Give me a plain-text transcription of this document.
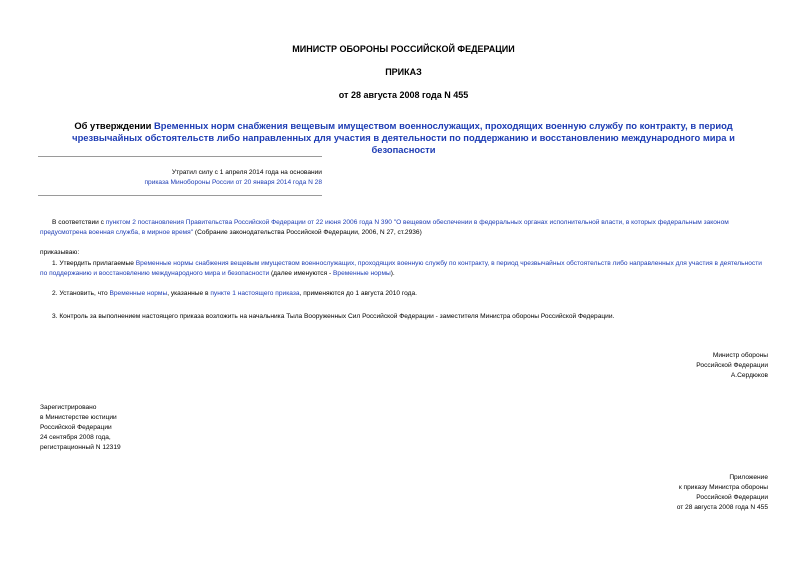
МИНИСТР ОБОРОНЫ РОССИЙСКОЙ ФЕДЕРАЦИИ
ПРИКАЗ
от 28 августа 2008 года N 455
Об утверждении Временных норм снабжения вещевым имуществом военнослужащих, проходящих военную службу по контракту, в период чрезвычайных обстоятельств либо направленных для участия в деятельности по поддержанию и восстановлению международного мира и безопасности
Утратил силу с 1 апреля 2014 года на основании
приказа Минобороны России от 20 января 2014 года N 28
В соответствии с пунктом 2 постановления Правительства Российской Федерации от 22 июня 2006 года N 390 "О вещевом обеспечении в федеральных органах исполнительной власти, в которых федеральным законом предусмотрена военная служба, в мирное время" (Собрание законодательства Российской Федерации, 2006, N 27, ст.2936)
приказываю:
1. Утвердить прилагаемые Временные нормы снабжения вещевым имуществом военнослужащих, проходящих военную службу по контракту, в период чрезвычайных обстоятельств либо направленных для участия в деятельности по поддержанию и восстановлению международного мира и безопасности (далее именуются - Временные нормы).
2. Установить, что Временные нормы, указанные в пункте 1 настоящего приказа, применяются до 1 августа 2010 года.
3. Контроль за выполнением настоящего приказа возложить на начальника Тыла Вооруженных Сил Российской Федерации - заместителя Министра обороны Российской Федерации.
Министр обороны
Российской Федерации
А.Сердюков
Зарегистрировано
в Министерстве юстиции
Российской Федерации
24 сентября 2008 года,
регистрационный N 12319
Приложение
к приказу Министра обороны
Российской Федерации
от 28 августа 2008 года N 455
